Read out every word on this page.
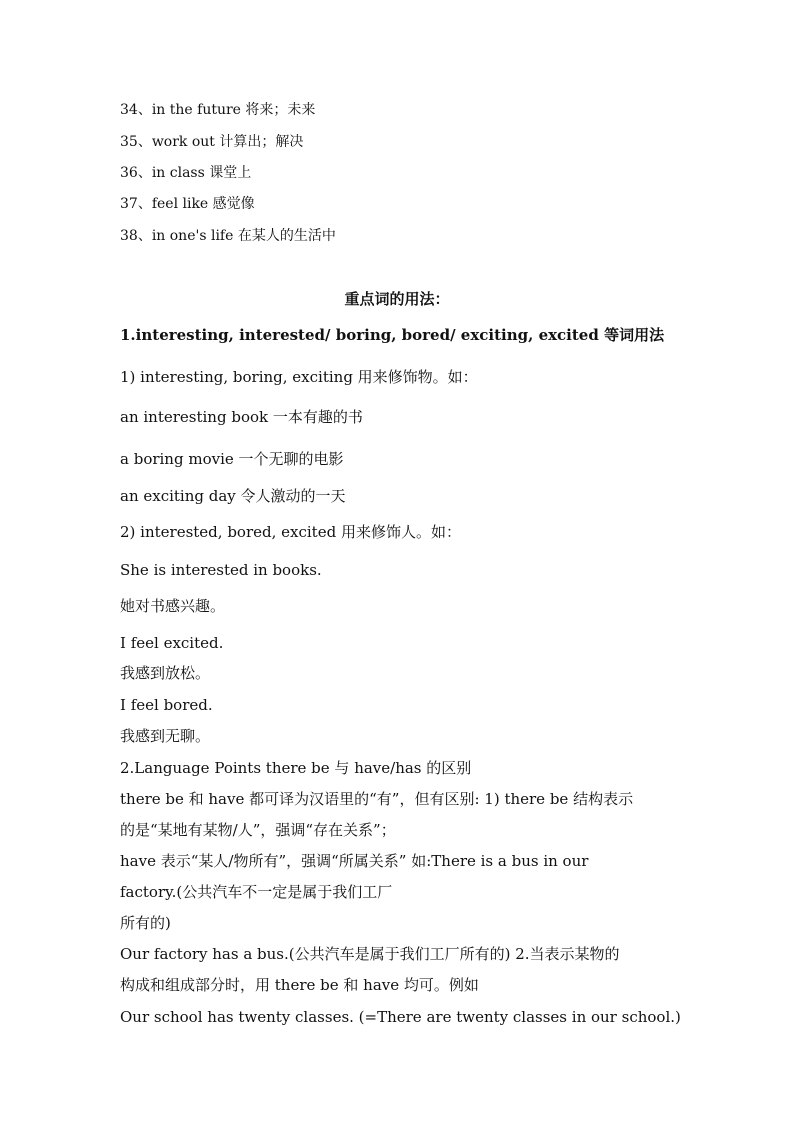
34、in the future 将来；未来
35、work out 计算出；解决
36、in class 课堂上
37、feel like 感觉像
38、in one's life 在某人的生活中
重点词的用法：
1.interesting, interested/ boring, bored/ exciting, excited 等词用法
1) interesting, boring, exciting 用来修饰物。如：
an interesting book 一本有趣的书
a boring movie 一个无聊的电影
an exciting day 令人激动的一天
2) interested, bored, excited 用来修饰人。如：
She is interested in books.
她对书感兴趣。
I feel excited.
我感到放松。
I feel bored.
我感到无聊。
2.Language Points there be 与 have/has 的区别
there be 和 have 都可译为汉语里的“有”，但有区别: 1) there be 结构表示
的是“某地有某物/人”，强调“存在关系”；
have 表示“某人/物所有”，强调“所属关系” 如:There is a bus in our
factory.(公共汽车不一定是属于我们工厂
所有的)
Our factory has a bus.(公共汽车是属于我们工厂所有的) 2.当表示某物的
构成和组成部分时，用 there be 和 have 均可。例如
Our school has twenty classes. (=There are twenty classes in our school.)
